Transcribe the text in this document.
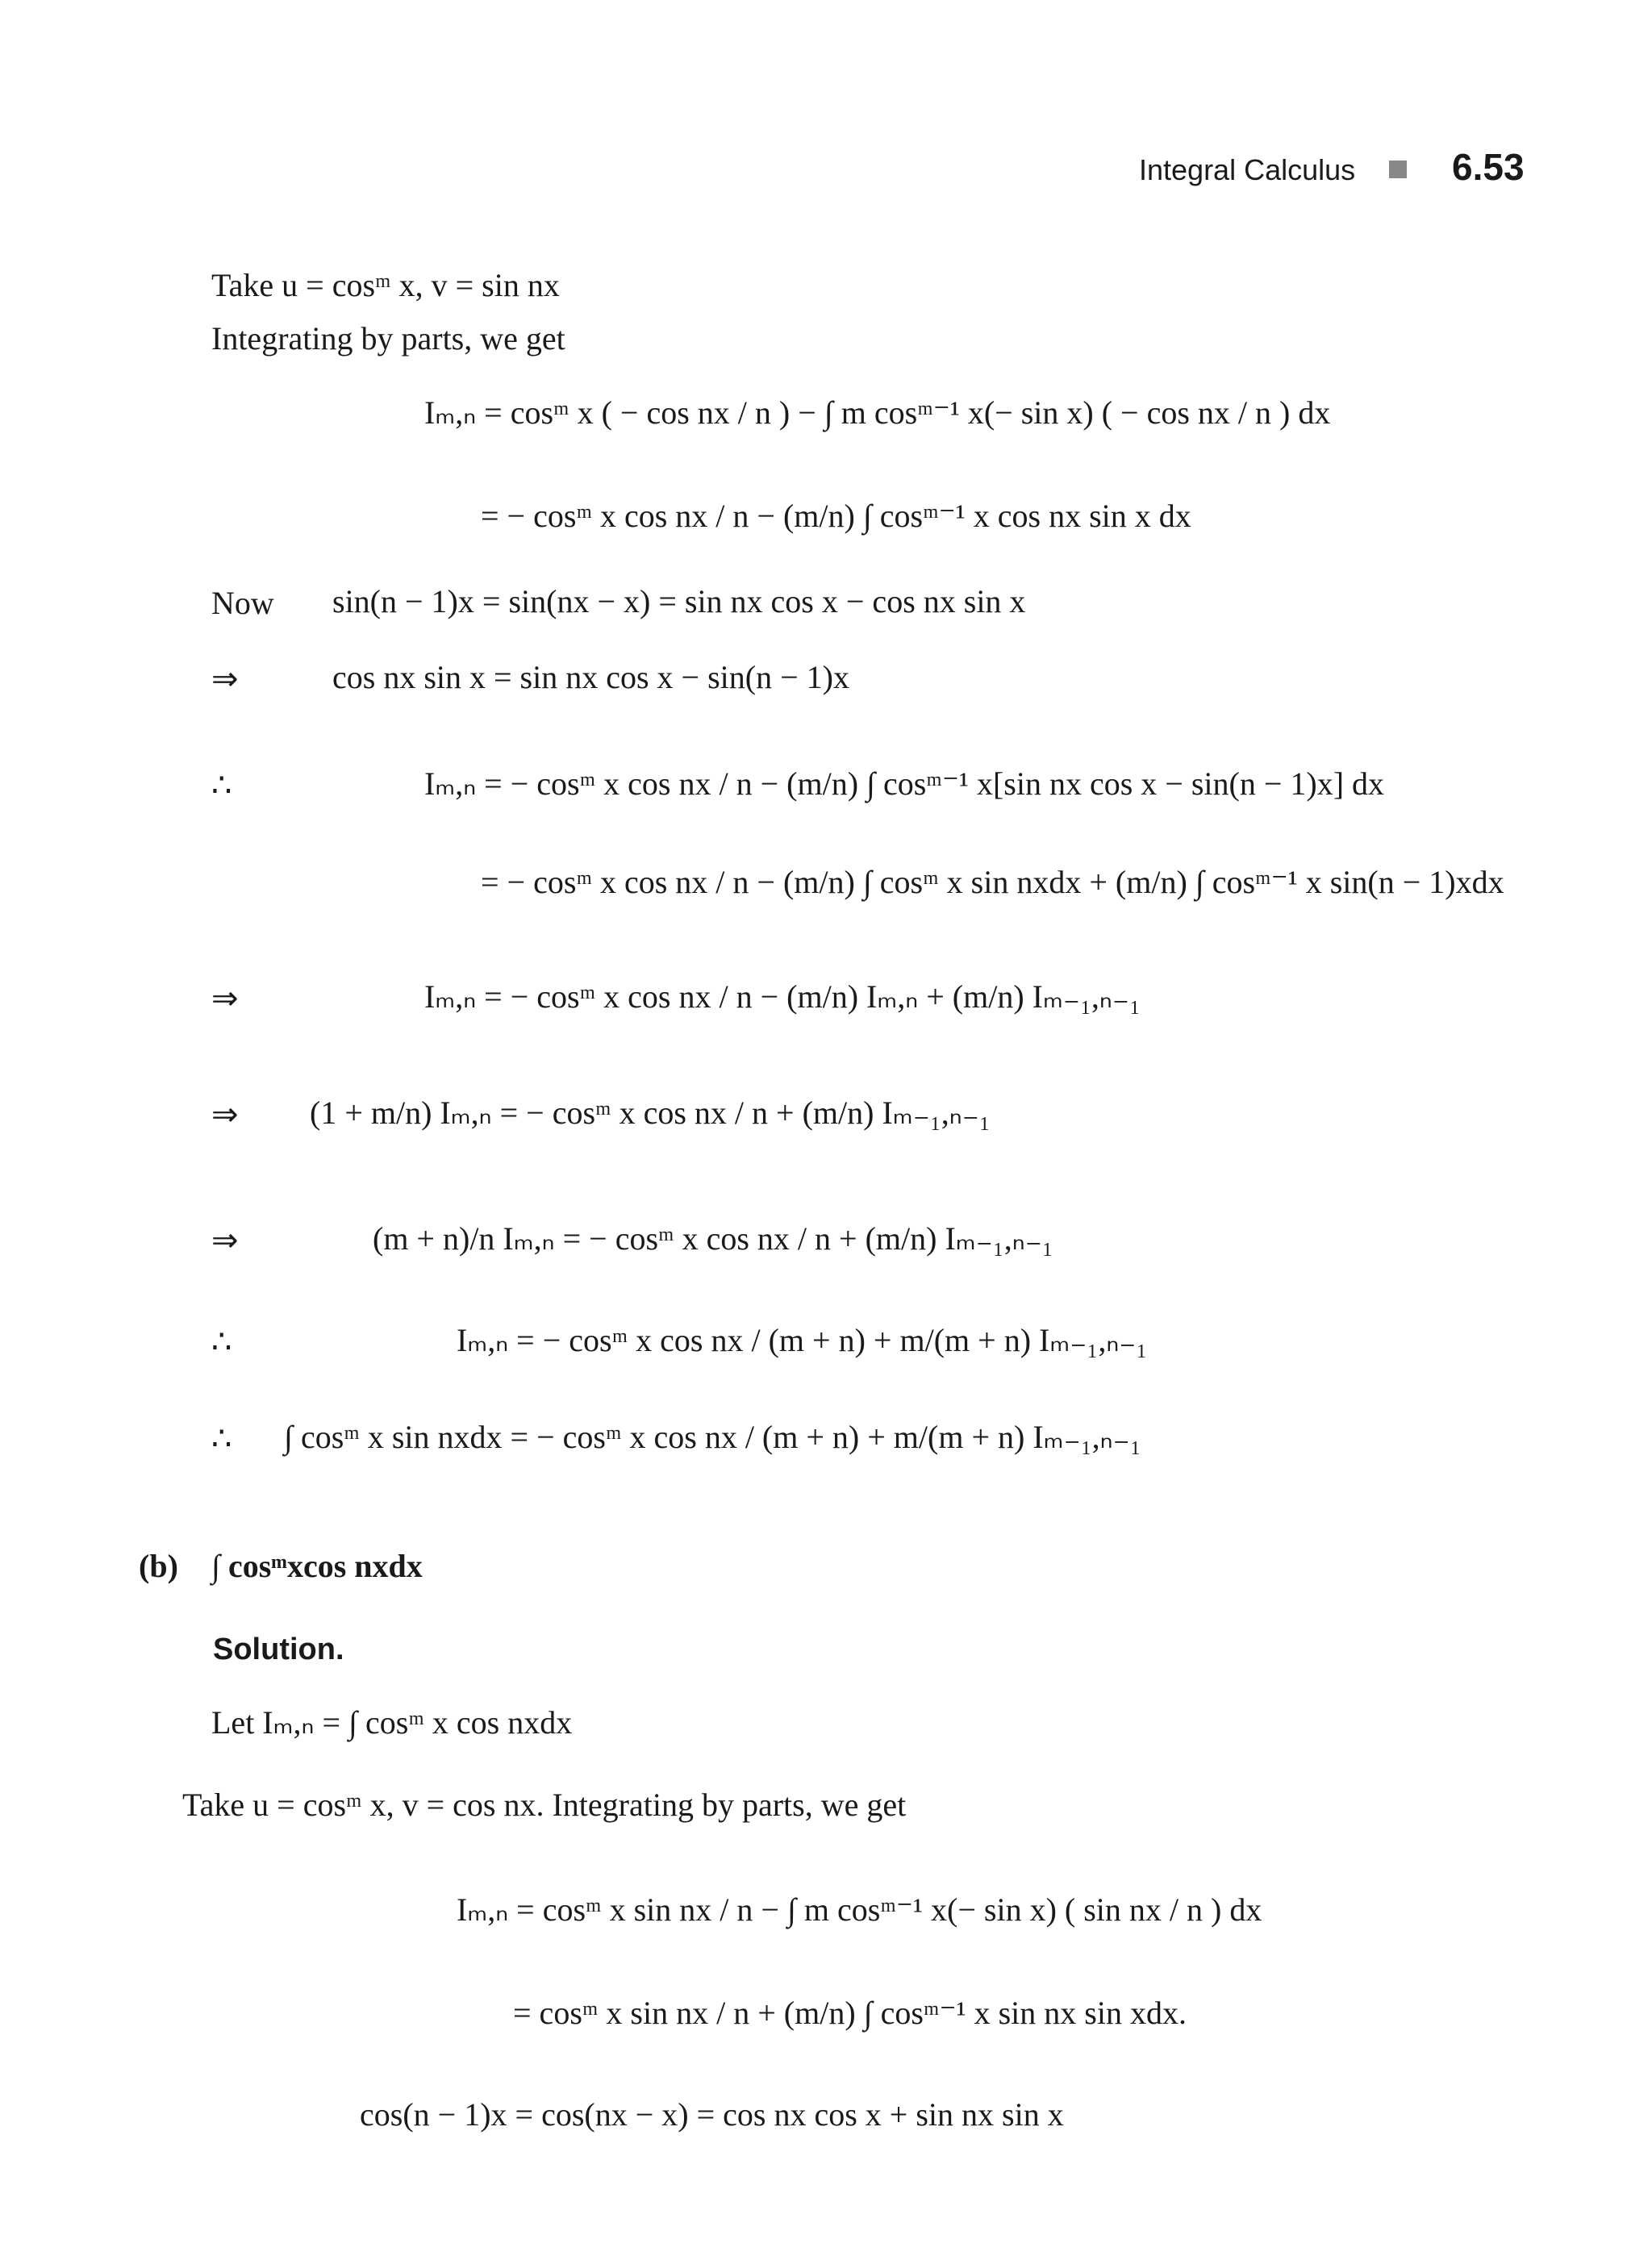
Integral Calculus	6.53
Take u = cosᵐ x, v = sin nx
Integrating by parts, we get
Iₘ,ₙ = cosᵐ x ( − cos nx / n ) − ∫ m cosᵐ⁻¹ x(− sin x) ( − cos nx / n ) dx
= − cosᵐ x cos nx / n − (m/n) ∫ cosᵐ⁻¹ x cos nx sin x dx
Now sin(n − 1)x = sin(nx − x) = sin nx cos x − cos nx sin x
⇒	cos nx sin x = sin nx cos x − sin(n − 1)x
∴	Iₘ,ₙ = − cosᵐ x cos nx / n − (m/n) ∫ cosᵐ⁻¹ x[sin nx cos x − sin(n − 1)x] dx
= − cosᵐ x cos nx / n − (m/n) ∫ cosᵐ x sin nxdx + (m/n) ∫ cosᵐ⁻¹ x sin(n − 1)xdx
⇒	Iₘ,ₙ = − cosᵐ x cos nx / n − (m/n) Iₘ,ₙ + (m/n) Iₘ₋₁,ₙ₋₁
⇒ (1 + m/n) Iₘ,ₙ = − cosᵐ x cos nx / n + (m/n) Iₘ₋₁,ₙ₋₁
⇒	(m + n)/n Iₘ,ₙ = − cosᵐ x cos nx / n + (m/n) Iₘ₋₁,ₙ₋₁
∴	Iₘ,ₙ = − cosᵐ x cos nx / (m + n) + m/(m + n) Iₘ₋₁,ₙ₋₁
∴ ∫ cosᵐ x sin nxdx = − cosᵐ x cos nx / (m + n) + m/(m + n) Iₘ₋₁,ₙ₋₁
(b) ∫ cosᵐxcos nxdx
Solution.
Let Iₘ,ₙ = ∫ cosᵐ x cos nxdx
Take u = cosᵐ x, v = cos nx. Integrating by parts, we get
Iₘ,ₙ = cosᵐ x sin nx / n − ∫ m cosᵐ⁻¹ x(− sin x) ( sin nx / n ) dx
= cosᵐ x sin nx / n + (m/n) ∫ cosᵐ⁻¹ x sin nx sin xdx.
cos(n − 1)x = cos(nx − x) = cos nx cos x + sin nx sin x
